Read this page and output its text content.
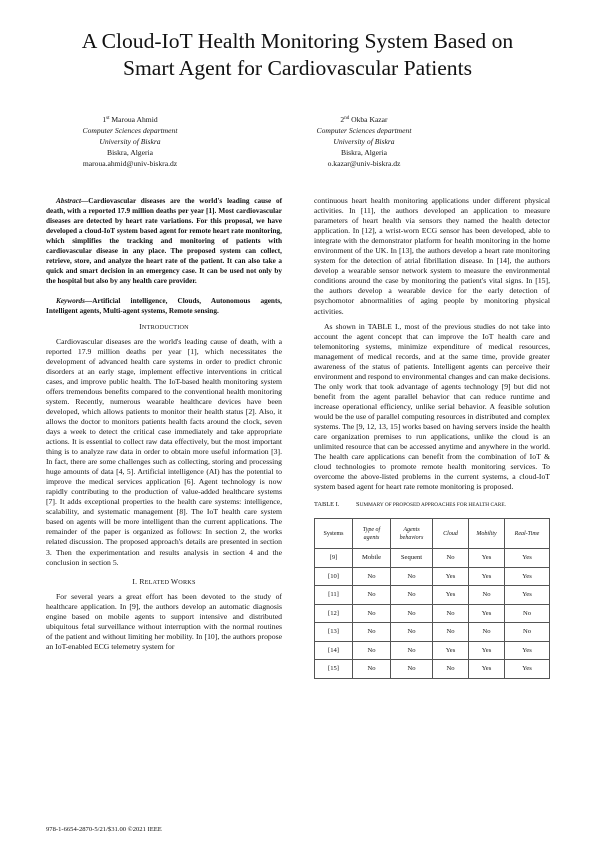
A Cloud-IoT Health Monitoring System Based on
Smart Agent for Cardiovascular Patients
1st Maroua Ahmid
Computer Sciences department
University of Biskra
Biskra, Algeria
maroua.ahmid@univ-biskra.dz
2nd Okba Kazar
Computer Sciences department
University of Biskra
Biskra, Algeria
o.kazar@univ-biskra.dz

Abstract—Cardiovascular diseases are the world's leading cause of death, with a reported 17.9 million deaths per year [1]. Most cardiovascular diseases are detected by heart rate variations. For this proposal, we have developed a cloud-IoT system based agent for remote heart rate monitoring, which simplifies the tracking and monitoring of patients with cardiovascular disease in any place. The proposed system can collect, retrieve, store, and analyze the heart rate of the patient. It can also take a quick and smart decision in an emergency case. It can be used not only by the hospital but also by any health care provider.

Keywords—Artificial intelligence, Clouds, Autonomous agents, Intelligent agents, Multi-agent systems, Remote sensing.

INTRODUCTION

Cardiovascular diseases are the world's leading cause of death, with a reported 17.9 million deaths per year [1], which necessitates the development of advanced health care systems in order to predict chronic disorders at an early stage, implement effective interventions in critical cases, and improve public health. The IoT-based health monitoring system offers tremendous benefits compared to the conventional health monitoring system. Recently, numerous wearable healthcare devices have been developed, which allows patients to monitor their health status [2]. Also, it allows the doctor to monitors patients health facts around the clock, seven days a week to detect the critical case immediately and take appropriate actions. It is essential to collect raw data effectively, but the most important thing is to analyze raw data in order to obtain more useful information [3]. In fact, there are some challenges such as collecting, storing and processing huge amounts of data [4, 5]. Artificial intelligence (AI) has the potential to improve the medical services application [6]. Agent technology is now rapidly contributing to the production of value-added healthcare systems [7]. It adds exceptional properties to the health care systems: intelligence, scalability, and systematic management [8]. The IoT health care system based on agents will be more intelligent than the current applications. The remainder of the paper is organized as follows: In section 2, the works related discussion. The proposed approach's details are presented in section 3. Then the experimentation and results analysis in section 4 and the conclusion in section 5.

I. RELATED WORKS

For several years a great effort has been devoted to the study of healthcare application. In [9], the authors develop an automatic diagnosis engine based on mobile agents to support intensive and distributed ubiquitous fetal surveillance without interruption with the normal routines of the patient and without limiting her mobility. In [10], the authors propose an IoT-enabled ECG telemetry system for

continuous heart health monitoring applications under different physical activities. In [11], the authors developed an application to measure parameters of heart health via sensors they named the health detector application. In [12], a wrist-worn ECG sensor has been developed, able to integrate with the demonstrator platform for health monitoring in the home environment of the UK. In [13], the authors develop a heart rate monitoring system for the detection of atrial fibrillation disease. In [14], the authors develop a wearable sensor network system to measure the environmental conditions around the case by monitoring the patient's vital signs. In [15], the authors develop a wearable device for the early detection of psychomotor abnormalities of aging people by monitoring physical activities.

As shown in TABLE I., most of the previous studies do not take into account the agent concept that can improve the IoT health care and telemonitoring systems, minimize expenditure of medical resources, management of medical records, and at the same time, provide greater awareness of the status of patients. Intelligent agents can perceive their environment and respond to environmental changes and can make decisions. The only work that took advantage of agents technology [9] but did not benefit from the agent parallel behavior that can reduce runtime and increase operational efficiency, unlike serial behavior. A feasible solution would be the use of parallel computing resources in distributed and complex systems. The [9, 12, 13, 15] works based on having servers inside the health care organization premises to run applications, unlike the cloud is an unlimited resource that can be accessed anytime and anywhere in the world. The health care applications can benefit from the combination of IoT & cloud technologies to promote remote health monitoring services. To overcome the above-listed problems in the current systems, a cloud-IoT system based agent for heart rate remote monitoring is proposed.

TABLE I.	SUMMARY OF PROPOSED APPROACHES FOR HEALTH CARE.
Systems	Type of agents	Agents behaviors	Cloud	Mobility	Real-Time
[9]	Mobile	Sequent	No	Yes	Yes
[10]	No	No	Yes	Yes	Yes
[11]	No	No	Yes	No	Yes
[12]	No	No	No	Yes	No
[13]	No	No	No	No	No
[14]	No	No	Yes	Yes	Yes
[15]	No	No	No	Yes	Yes
978-1-6654-2870-5/21/$31.00 ©2021 IEEE
